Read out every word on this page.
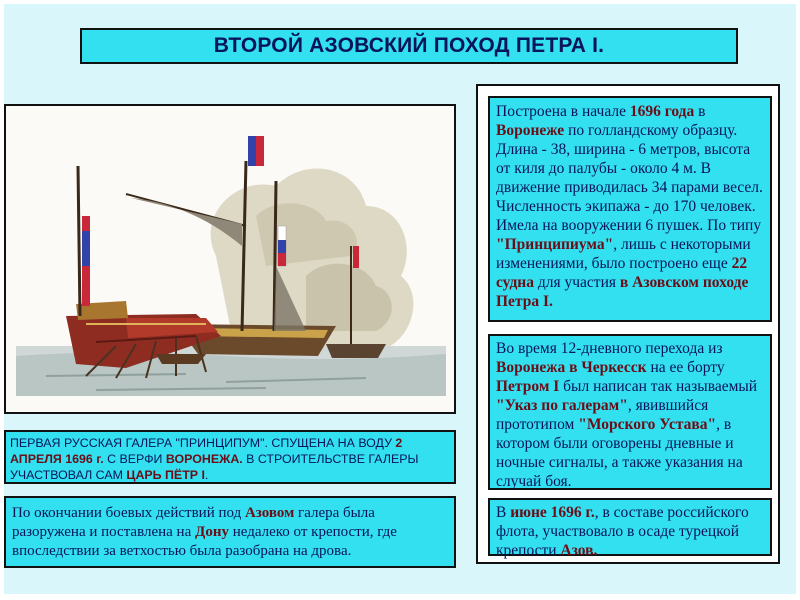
ВТОРОЙ АЗОВСКИЙ ПОХОД ПЕТРА I.
ПЕРВАЯ РУССКАЯ ГАЛЕРА "ПРИНЦИПУМ". СПУЩЕНА НА ВОДУ 2 АПРЕЛЯ 1696 г. С ВЕРФИ ВОРОНЕЖА. В СТРОИТЕЛЬСТВЕ ГАЛЕРЫ УЧАСТВОВАЛ САМ ЦАРЬ ПЁТР I.
По окончании боевых действий под Азовом галера была разоружена и поставлена на Дону недалеко от крепости, где впоследствии за ветхостью была разобрана на дрова.
Построена в начале 1696 года в Воронеже по голландскому образцу. Длина - 38, ширина - 6 метров, высота от киля до палубы - около 4 м. В движение приводилась 34 парами весел. Численность экипажа - до 170 человек. Имела на вооружении 6 пушек. По типу "Принципиума", лишь с некоторыми изменениями, было построено еще 22 судна для участия в Азовском походе Петра I.
Во время 12-дневного перехода из Воронежа в Черкесск на ее борту Петром I был написан так называемый "Указ по галерам", явившийся прототипом "Морского Устава", в котором были оговорены дневные и ночные сигналы, а также указания на случай боя.
В июне 1696 г., в составе российского флота, участвовало в осаде турецкой крепости Азов.
